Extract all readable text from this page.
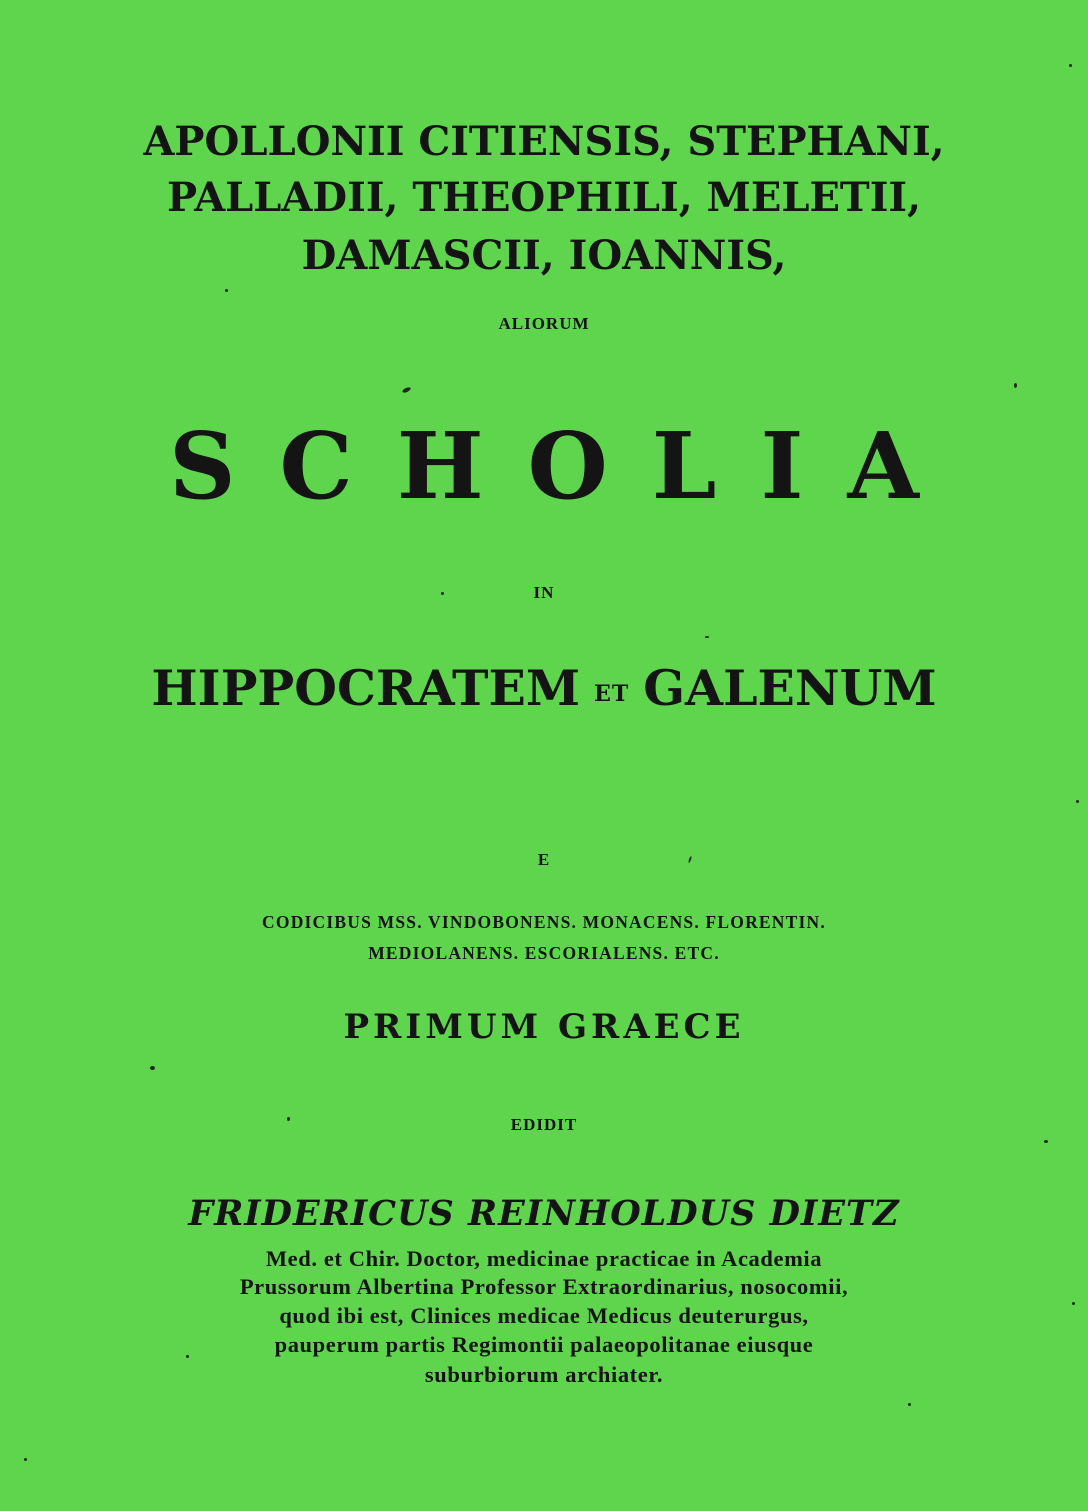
APOLLONII CITIENSIS, STEPHANI,
PALLADII, THEOPHILI, MELETII,
DAMASCII, IOANNIS,
ALIORUM
SCHOLIA
IN
HIPPOCRATEM ET GALENUM
E
CODICIBUS MSS. VINDOBONENS. MONACENS. FLORENTIN.
MEDIOLANENS. ESCORIALENS. ETC.
PRIMUM GRAECE
EDIDIT
FRIDERICUS REINHOLDUS DIETZ
Med. et Chir. Doctor, medicinae practicae in Academia
Prussorum Albertina Professor Extraordinarius, nosocomii,
quod ibi est, Clinices medicae Medicus deuterurgus,
pauperum partis Regimontii palaeopolitanae eiusque
suburbiorum archiater.
